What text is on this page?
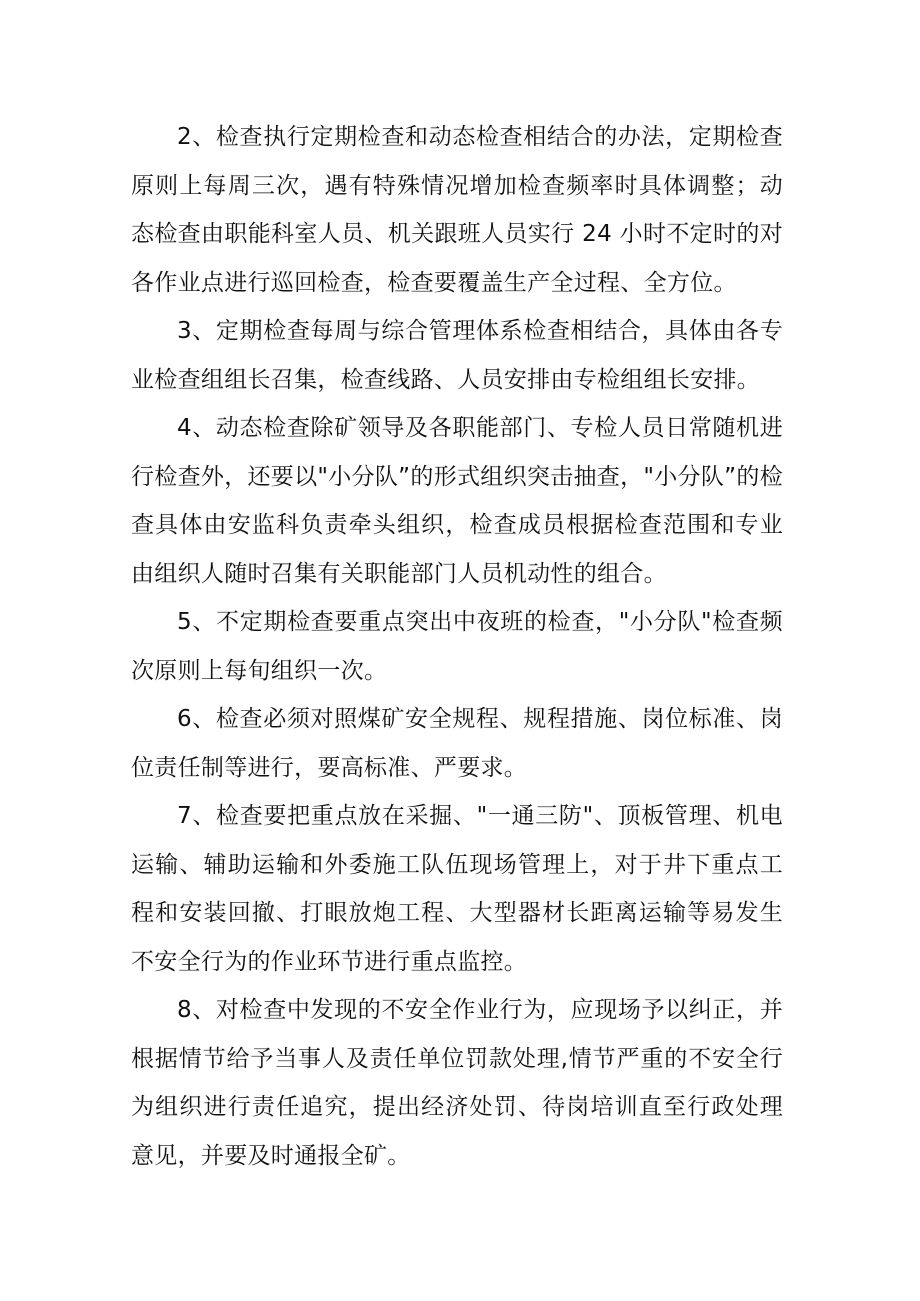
2、检查执行定期检查和动态检查相结合的办法，定期检查原则上每周三次，遇有特殊情况增加检查频率时具体调整；动态检查由职能科室人员、机关跟班人员实行 24 小时不定时的对各作业点进行巡回检查，检查要覆盖生产全过程、全方位。

3、定期检查每周与综合管理体系检查相结合，具体由各专业检查组组长召集，检查线路、人员安排由专检组组长安排。

4、动态检查除矿领导及各职能部门、专检人员日常随机进行检查外，还要以"小分队”的形式组织突击抽查，"小分队”的检查具体由安监科负责牵头组织，检查成员根据检查范围和专业由组织人随时召集有关职能部门人员机动性的组合。

5、不定期检查要重点突出中夜班的检查，"小分队"检查频次原则上每旬组织一次。

6、检查必须对照煤矿安全规程、规程措施、岗位标准、岗位责任制等进行，要高标准、严要求。

7、检查要把重点放在采掘、"一通三防"、顶板管理、机电运输、辅助运输和外委施工队伍现场管理上，对于井下重点工程和安装回撤、打眼放炮工程、大型器材长距离运输等易发生不安全行为的作业环节进行重点监控。

8、对检查中发现的不安全作业行为，应现场予以纠正，并根据情节给予当事人及责任单位罚款处理,情节严重的不安全行为组织进行责任追究，提出经济处罚、待岗培训直至行政处理意见，并要及时通报全矿。
